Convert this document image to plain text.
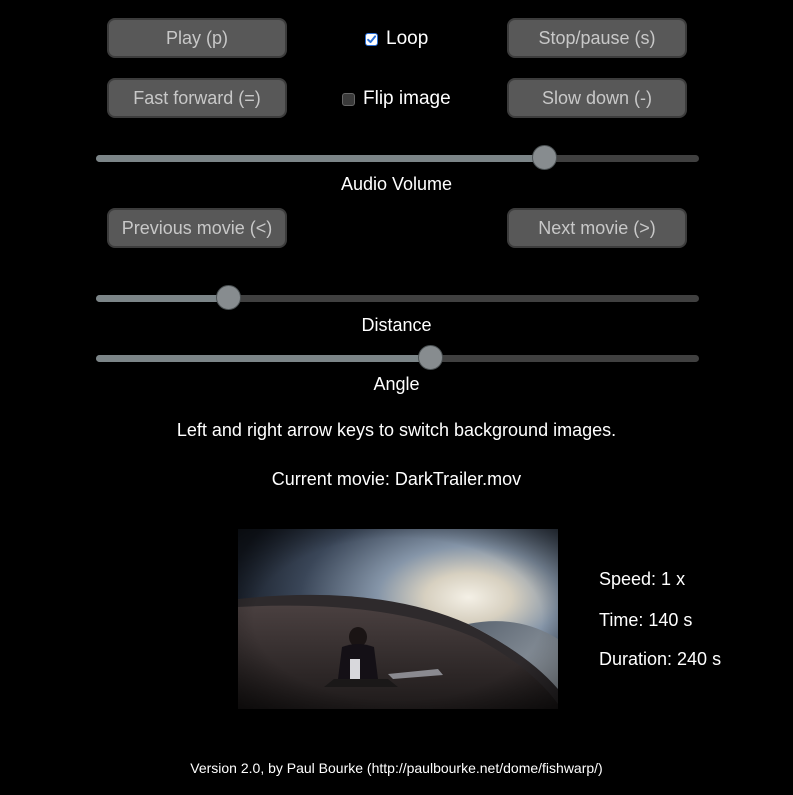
Play (p)	Loop	Stop/pause (s)
Fast forward (=)	Flip image	Slow down (-)
Audio Volume
Previous movie (<)	Next movie (>)
Distance
Angle
Left and right arrow keys to switch background images.
Current movie: DarkTrailer.mov
Speed: 1 x
Time: 140 s
Duration: 240 s
Version 2.0, by Paul Bourke (http://paulbourke.net/dome/fishwarp/)
